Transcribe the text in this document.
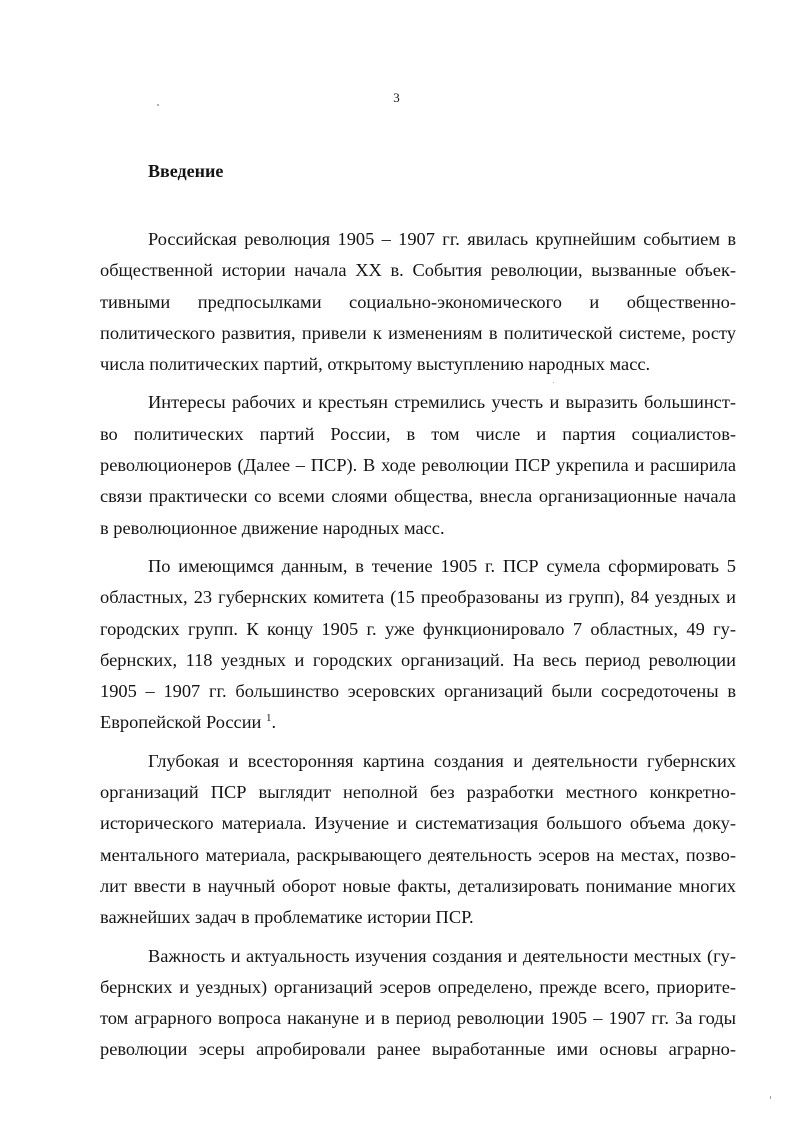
3
Введение
Российская революция 1905 – 1907 гг. явилась крупнейшим событием в
общественной истории начала XX в. События революции, вызванные объек-
тивными предпосылками социально-экономического и общественно-
политического развития, привели к изменениям в политической системе, росту
числа политических партий, открытому выступлению народных масс.
Интересы рабочих и крестьян стремились учесть и выразить большинст-
во политических партий России, в том числе и партия социалистов-
революционеров (Далее – ПСР). В ходе революции ПСР укрепила и расширила
связи практически со всеми слоями общества, внесла организационные начала
в революционное движение народных масс.
По имеющимся данным, в течение 1905 г. ПСР сумела сформировать 5
областных, 23 губернских комитета (15 преобразованы из групп), 84 уездных и
городских групп. К концу 1905 г. уже функционировало 7 областных, 49 гу-
бернских, 118 уездных и городских организаций. На весь период революции
1905 – 1907 гг. большинство эсеровских организаций были сосредоточены в
Европейской России $^1$.
Глубокая и всесторонняя картина создания и деятельности губернских
организаций ПСР выглядит неполной без разработки местного конкретно-
исторического материала. Изучение и систематизация большого объема доку-
ментального материала, раскрывающего деятельность эсеров на местах, позво-
лит ввести в научный оборот новые факты, детализировать понимание многих
важнейших задач в проблематике истории ПСР.
Важность и актуальность изучения создания и деятельности местных (гу-
бернских и уездных) организаций эсеров определено, прежде всего, приорите-
том аграрного вопроса накануне и в период революции 1905 – 1907 гг. За годы
революции эсеры апробировали ранее выработанные ими основы аграрно-
